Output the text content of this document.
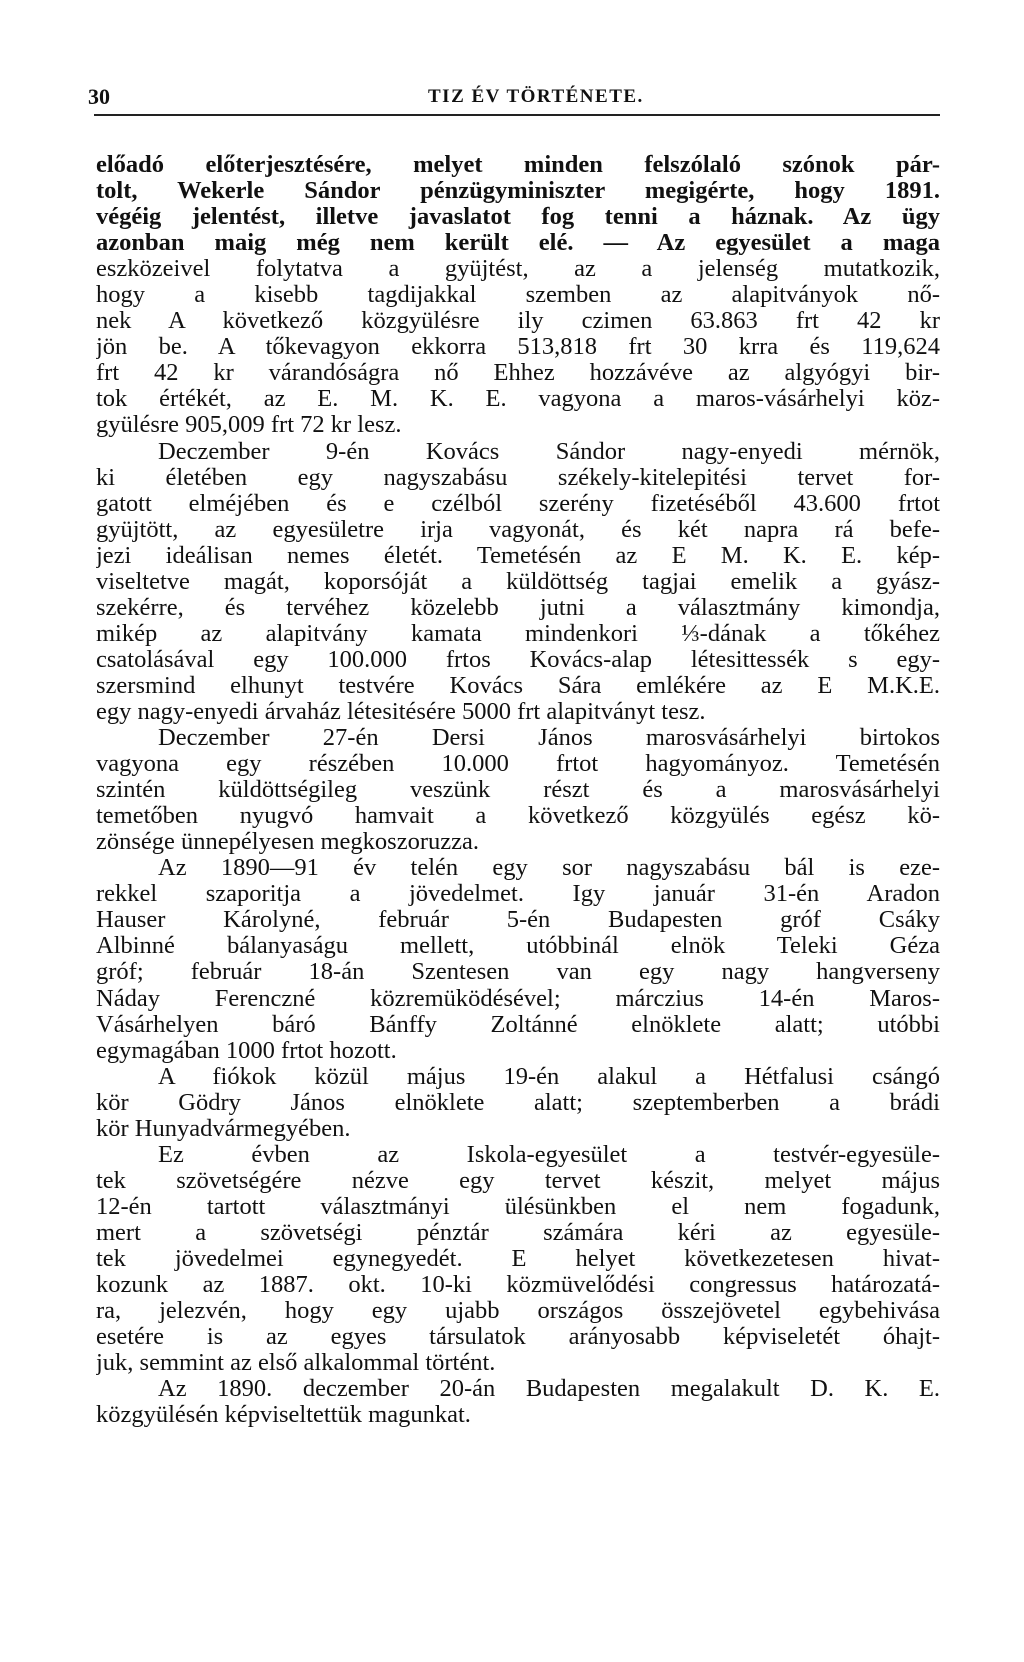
30	TIZ ÉV TÖRTÉNETE.
előadó előterjesztésére, melyet minden felszólaló szónok pár-
tolt, Wekerle Sándor pénzügyminiszter megigérte, hogy 1891.
végéig jelentést, illetve javaslatot fog tenni a háznak. Az ügy
azonban maig még nem került elé. — Az egyesület a maga
eszközeivel folytatva a gyüjtést, az a jelenség mutatkozik,
hogy a kisebb tagdijakkal szemben az alapitványok nő-
nek A következő közgyülésre ily czimen 63.863 frt 42 kr
jön be. A tőkevagyon ekkorra 513,818 frt 30 krra és 119,624
frt 42 kr várandóságra nő Ehhez hozzávéve az algyógyi bir-
tok értékét, az E. M. K. E. vagyona a maros-vásárhelyi köz-
gyülésre 905,009 frt 72 kr lesz.
Deczember 9-én Kovács Sándor nagy-enyedi mérnök,
ki életében egy nagyszabásu székely-kitelepitési tervet for-
gatott elméjében és e czélból szerény fizetéséből 43.600 frtot
gyüjtött, az egyesületre irja vagyonát, és két napra rá befe-
jezi ideálisan nemes életét. Temetésén az E M. K. E. kép-
viseltetve magát, koporsóját a küldöttség tagjai emelik a gyász-
szekérre, és tervéhez közelebb jutni a választmány kimondja,
mikép az alapitvány kamata mindenkori ⅓-dának a tőkéhez
csatolásával egy 100.000 frtos Kovács-alap létesittessék s egy-
szersmind elhunyt testvére Kovács Sára emlékére az E M.K.E.
egy nagy-enyedi árvaház létesitésére 5000 frt alapitványt tesz.
Deczember 27-én Dersi János marosvásárhelyi birtokos
vagyona egy részében 10.000 frtot hagyományoz. Temetésén
szintén küldöttségileg veszünk részt és a marosvásárhelyi
temetőben nyugvó hamvait a következő közgyülés egész kö-
zönsége ünnepélyesen megkoszoruzza.
Az 1890—91 év telén egy sor nagyszabásu bál is eze-
rekkel szaporitja a jövedelmet. Igy január 31-én Aradon
Hauser Károlyné, február 5-én Budapesten gróf Csáky
Albinné bálanyaságu mellett, utóbbinál elnök Teleki Géza
gróf; február 18-án Szentesen van egy nagy hangverseny
Náday Ferenczné közremüködésével; márczius 14-én Maros-
Vásárhelyen báró Bánffy Zoltánné elnöklete alatt; utóbbi
egymagában 1000 frtot hozott.
A fiókok közül május 19-én alakul a Hétfalusi csángó
kör Gödry János elnöklete alatt; szeptemberben a brádi
kör Hunyadvármegyében.
Ez évben az Iskola-egyesület a testvér-egyesüle-
tek szövetségére nézve egy tervet készit, melyet május
12-én tartott választmányi ülésünkben el nem fogadunk,
mert a szövetségi pénztár számára kéri az egyesüle-
tek jövedelmei egynegyedét. E helyet következetesen hivat-
kozunk az 1887. okt. 10-ki közmüvelődési congressus határozatá-
ra, jelezvén, hogy egy ujabb országos összejövetel egybehivása
esetére is az egyes társulatok arányosabb képviseletét óhajt-
juk, semmint az első alkalommal történt.
Az 1890. deczember 20-án Budapesten megalakult D. K. E.
közgyülésén képviseltettük magunkat.
